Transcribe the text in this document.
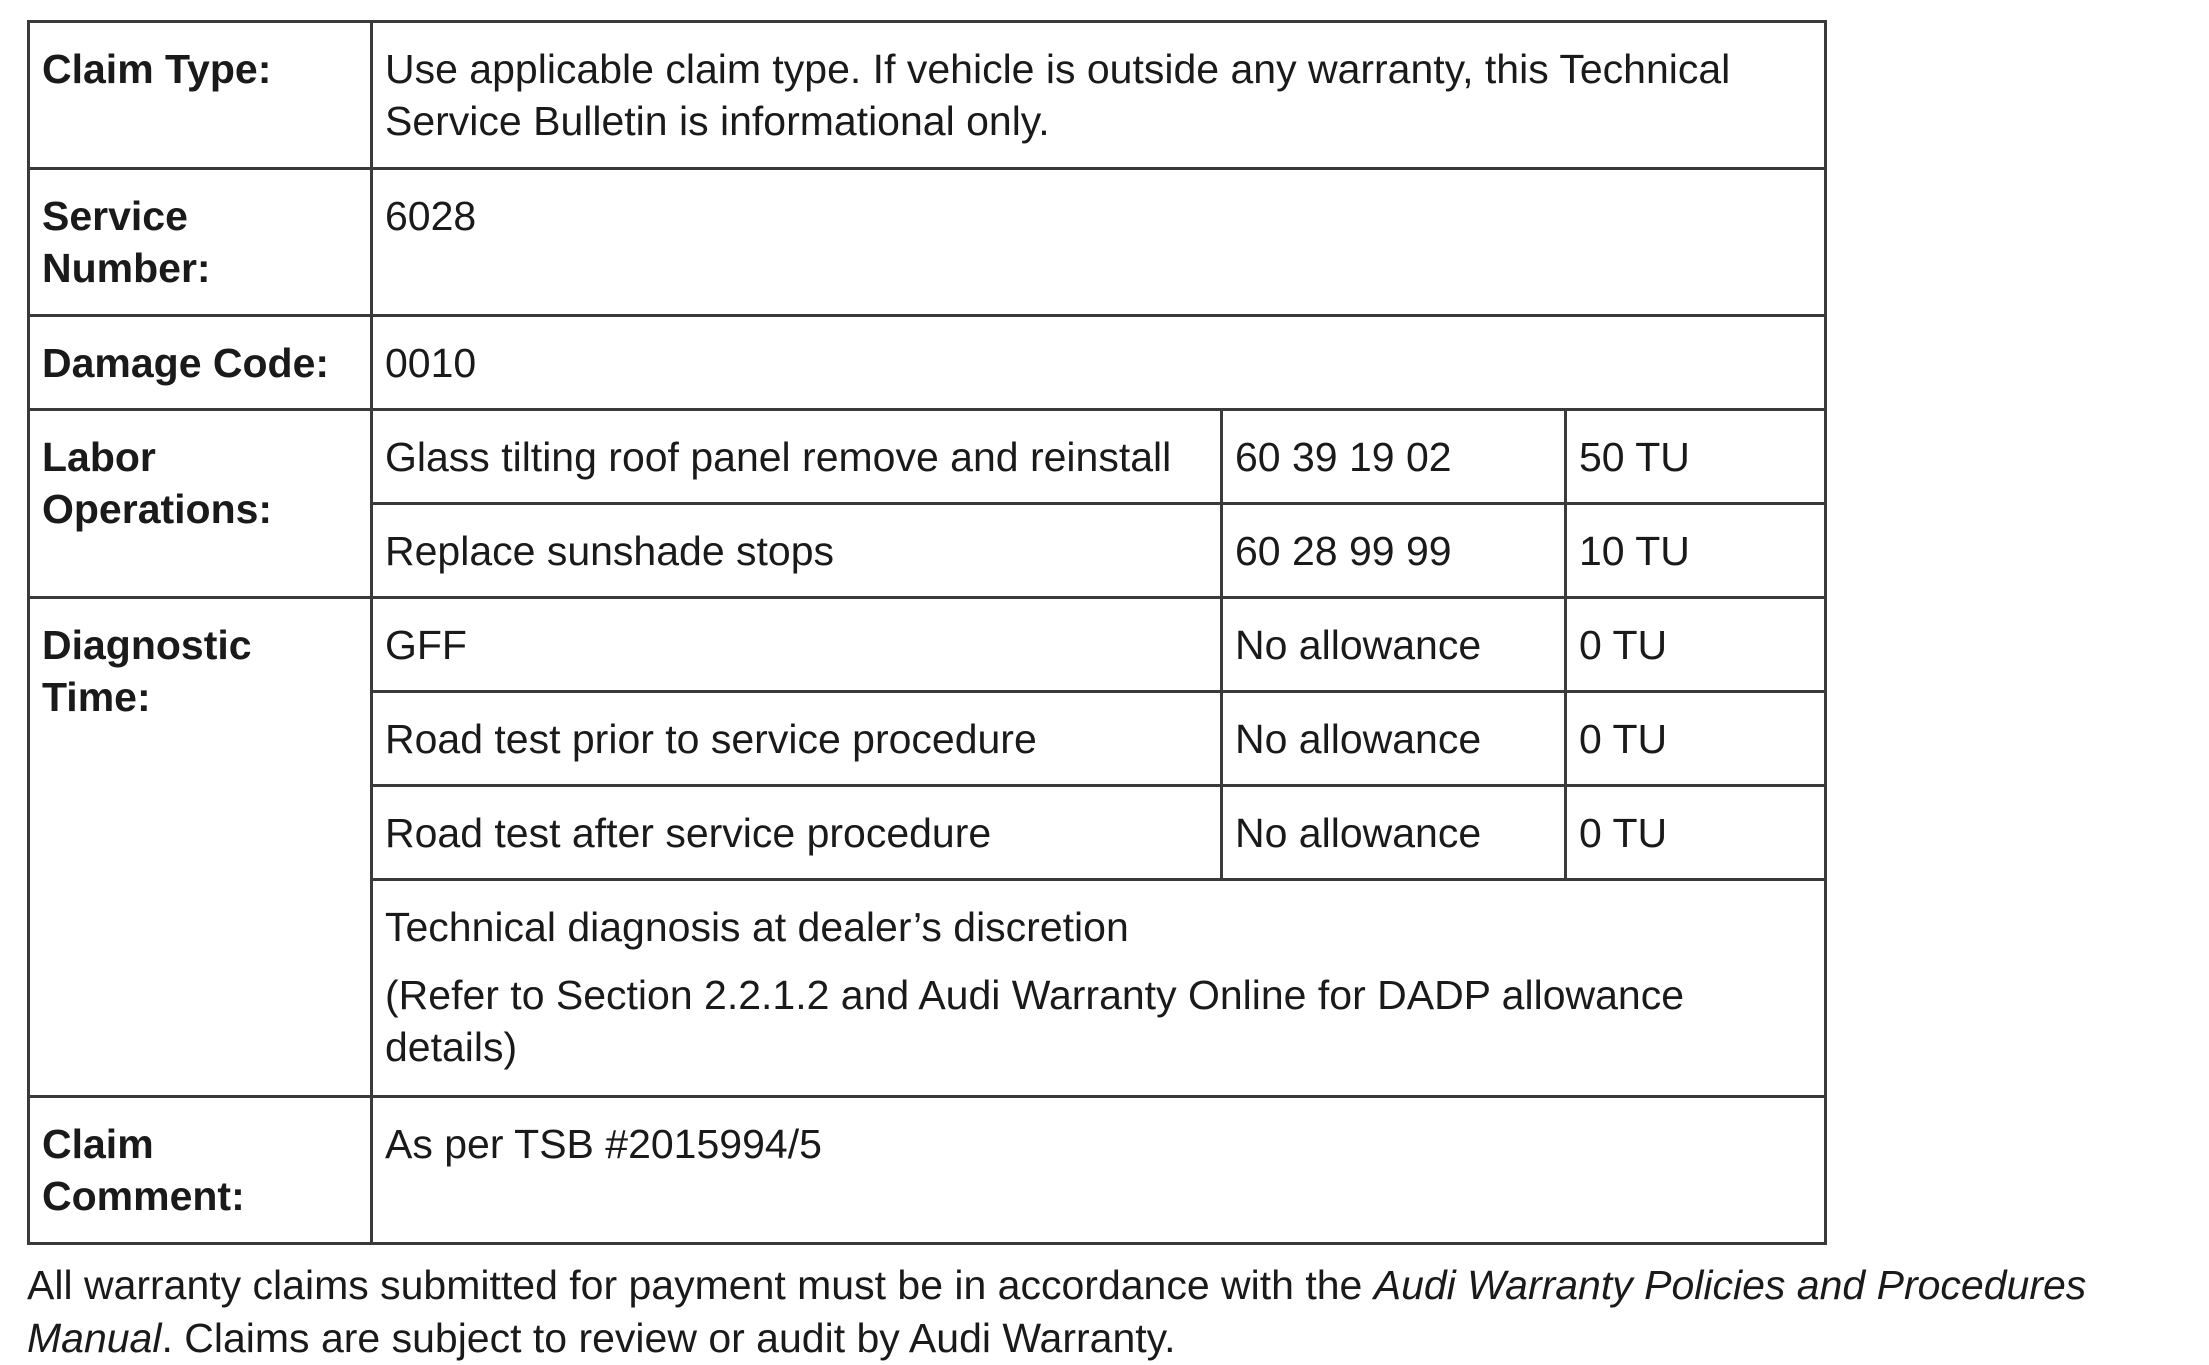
Claim Type:	Use applicable claim type. If vehicle is outside any warranty, this Technical Service Bulletin is informational only.		
Service Number:	6028		
Damage Code:	0010		
Labor Operations:	Glass tilting roof panel remove and reinstall	60 39 19 02	50 TU
	Replace sunshade stops	60 28 99 99	10 TU
Diagnostic Time:	GFF	No allowance	0 TU
	Road test prior to service procedure	No allowance	0 TU
	Road test after service procedure	No allowance	0 TU

	Technical diagnosis at dealer’s discretion
(Refer to Section 2.2.1.2 and Audi Warranty Online for DADP allowance details)		

Claim Comment:	As per TSB #2015994/5		
All warranty claims submitted for payment must be in accordance with the Audi Warranty Policies and Procedures Manual. Claims are subject to review or audit by Audi Warranty.
